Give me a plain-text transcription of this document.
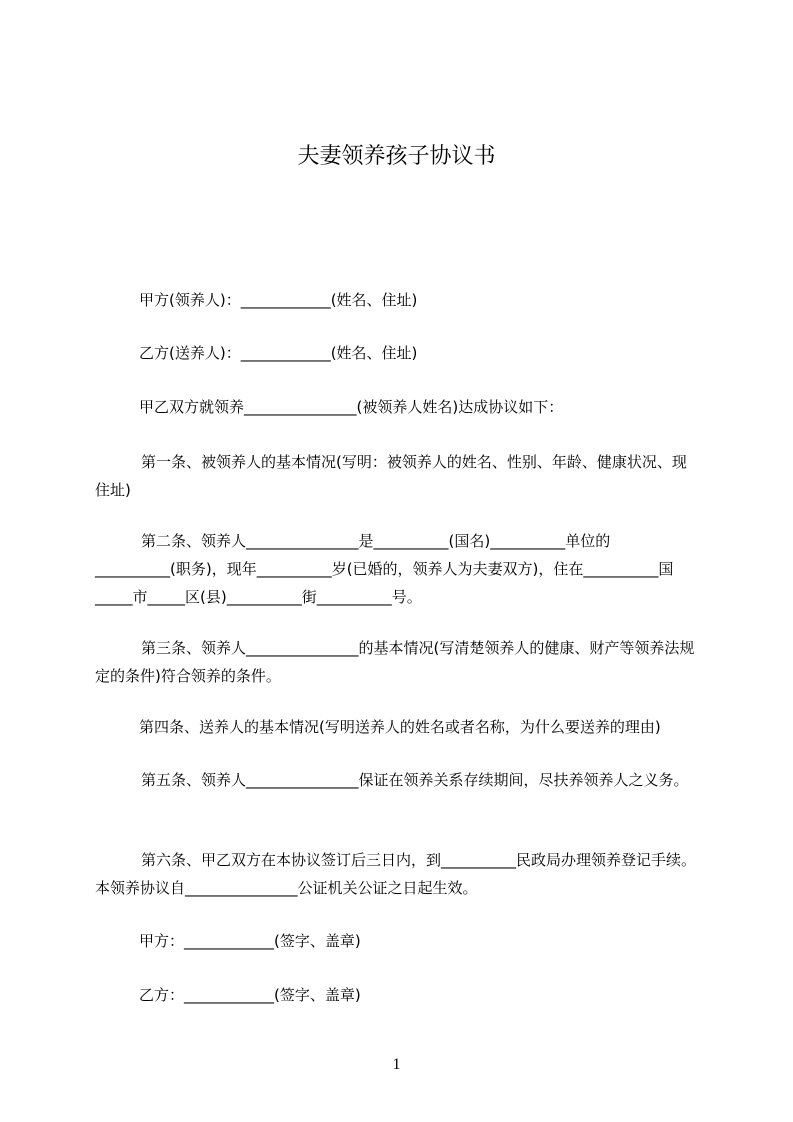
夫妻领养孩子协议书
甲方(领养人)：____________(姓名、住址)
乙方(送养人)：____________(姓名、住址)
甲乙双方就领养_______________(被领养人姓名)达成协议如下：
第一条、被领养人的基本情况(写明：被领养人的姓名、性别、年龄、健康状况、现住址)
第二条、领养人_______________是__________(国名)__________单位的__________(职务)，现年__________岁(已婚的，领养人为夫妻双方)，住在__________国_____市_____区(县)__________街__________号。
第三条、领养人_______________的基本情况(写清楚领养人的健康、财产等领养法规定的条件)符合领养的条件。
第四条、送养人的基本情况(写明送养人的姓名或者名称，为什么要送养的理由)
第五条、领养人_______________保证在领养关系存续期间，尽扶养领养人之义务。
第六条、甲乙双方在本协议签订后三日内，到__________民政局办理领养登记手续。本领养协议自_______________公证机关公证之日起生效。
甲方：____________(签字、盖章)
乙方：____________(签字、盖章)
1
